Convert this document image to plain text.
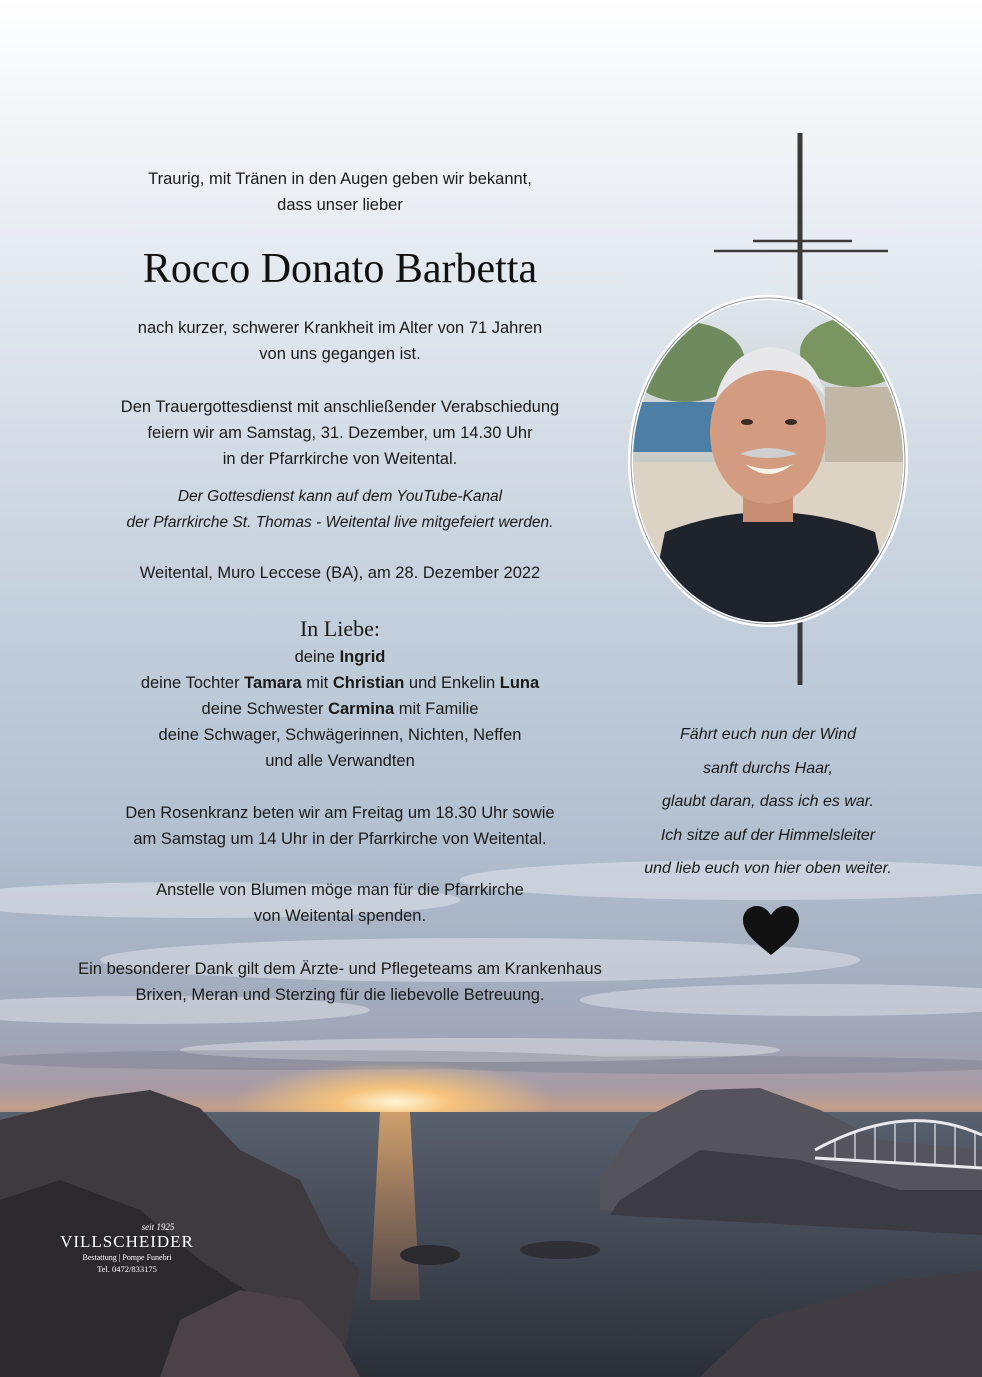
Traurig, mit Tränen in den Augen geben wir bekannt,

dass unser lieber

Rocco Donato Barbetta

nach kurzer, schwerer Krankheit im Alter von 71 Jahren

von uns gegangen ist.

Den Trauergottesdienst mit anschließender Verabschiedung

feiern wir am Samstag, 31. Dezember, um 14.30 Uhr

in der Pfarrkirche von Weitental.

Der Gottesdienst kann auf dem YouTube-Kanal

der Pfarrkirche St. Thomas - Weitental live mitgefeiert werden.

Weitental, Muro Leccese (BA), am 28. Dezember 2022

In Liebe:

deine Ingrid

deine Tochter Tamara mit Christian und Enkelin Luna

deine Schwester Carmina mit Familie

deine Schwager, Schwägerinnen, Nichten, Neffen

und alle Verwandten

Den Rosenkranz beten wir am Freitag um 18.30 Uhr sowie

am Samstag um 14 Uhr in der Pfarrkirche von Weitental.

Anstelle von Blumen möge man für die Pfarrkirche

von Weitental spenden.

Ein besonderer Dank gilt dem Ärzte- und Pflegeteams am Krankenhaus

Brixen, Meran und Sterzing für die liebevolle Betreuung.

Fährt euch nun der Wind

sanft durchs Haar,

glaubt daran, dass ich es war.

Ich sitze auf der Himmelsleiter

und lieb euch von hier oben weiter.

seit 1925
VILLSCHEIDER
Bestattung | Pompe Funebri
Tel. 0472/833175
